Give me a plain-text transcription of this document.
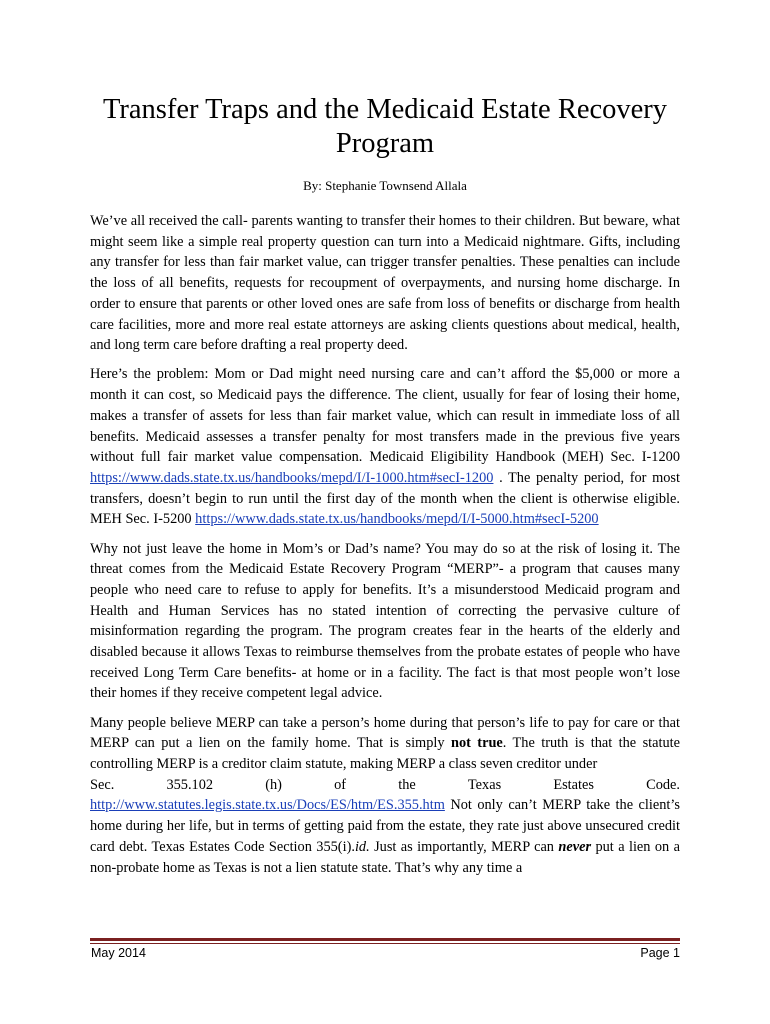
Transfer Traps and the Medicaid Estate Recovery Program

By: Stephanie Townsend Allala

We’ve all received the call- parents wanting to transfer their homes to their children. But beware, what might seem like a simple real property question can turn into a Medicaid nightmare. Gifts, including any transfer for less than fair market value, can trigger transfer penalties. These penalties can include the loss of all benefits, requests for recoupment of overpayments, and nursing home discharge. In order to ensure that parents or other loved ones are safe from loss of benefits or discharge from health care facilities, more and more real estate attorneys are asking clients questions about medical, health, and long term care before drafting a real property deed.

Here’s the problem: Mom or Dad might need nursing care and can’t afford the $5,000 or more a month it can cost, so Medicaid pays the difference. The client, usually for fear of losing their home, makes a transfer of assets for less than fair market value, which can result in immediate loss of all benefits. Medicaid assesses a transfer penalty for most transfers made in the previous five years without full fair market value compensation. Medicaid Eligibility Handbook (MEH) Sec. I-1200 https://www.dads.state.tx.us/handbooks/mepd/I/I-1000.htm#secI-1200 . The penalty period, for most transfers, doesn’t begin to run until the first day of the month when the client is otherwise eligible. MEH Sec. I-5200 https://www.dads.state.tx.us/handbooks/mepd/I/I-5000.htm#secI-5200

Why not just leave the home in Mom’s or Dad’s name? You may do so at the risk of losing it. The threat comes from the Medicaid Estate Recovery Program “MERP”- a program that causes many people who need care to refuse to apply for benefits. It’s a misunderstood Medicaid program and Health and Human Services has no stated intention of correcting the pervasive culture of misinformation regarding the program. The program creates fear in the hearts of the elderly and disabled because it allows Texas to reimburse themselves from the probate estates of people who have received Long Term Care benefits- at home or in a facility. The fact is that most people won’t lose their homes if they receive competent legal advice.

Many people believe MERP can take a person’s home during that person’s life to pay for care or that MERP can put a lien on the family home. That is simply not true. The truth is that the statute controlling MERP is a creditor claim statute, making MERP a class seven creditor under
Sec.	355.102	(h)	of	the	Texas	Estates	Code.
http://www.statutes.legis.state.tx.us/Docs/ES/htm/ES.355.htm Not only can’t MERP take the client’s home during her life, but in terms of getting paid from the estate, they rate just above unsecured credit card debt. Texas Estates Code Section 355(i).id. Just as importantly, MERP can never put a lien on a non-probate home as Texas is not a lien statute state. That’s why any time a

May 2014	Page 1
